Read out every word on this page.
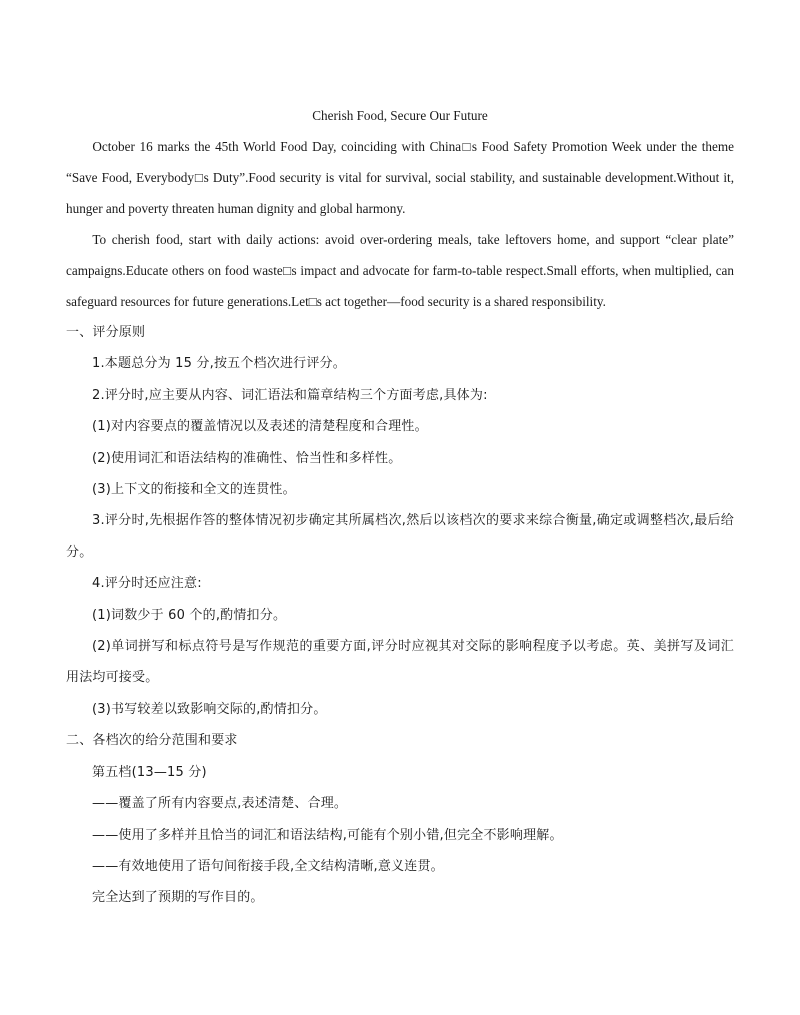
Cherish Food, Secure Our Future

October 16 marks the 45th World Food Day, coinciding with China□s Food Safety Promotion Week under the theme “Save Food, Everybody□s Duty”.Food security is vital for survival, social stability, and sustainable development.Without it, hunger and poverty threaten human dignity and global harmony.

To cherish food, start with daily actions: avoid over-ordering meals, take leftovers home, and support “clear plate” campaigns.Educate others on food waste□s impact and advocate for farm-to-table respect.Small efforts, when multiplied, can safeguard resources for future generations.Let□s act together—food security is a shared responsibility.

一、评分原则

1.本题总分为 15 分,按五个档次进行评分。

2.评分时,应主要从内容、词汇语法和篇章结构三个方面考虑,具体为:

(1)对内容要点的覆盖情况以及表述的清楚程度和合理性。

(2)使用词汇和语法结构的准确性、恰当性和多样性。

(3)上下文的衔接和全文的连贯性。

3.评分时,先根据作答的整体情况初步确定其所属档次,然后以该档次的要求来综合衡量,确定或调整档次,最后给分。

4.评分时还应注意:

(1)词数少于 60 个的,酌情扣分。

(2)单词拼写和标点符号是写作规范的重要方面,评分时应视其对交际的影响程度予以考虑。英、美拼写及词汇用法均可接受。

(3)书写较差以致影响交际的,酌情扣分。

二、各档次的给分范围和要求

第五档(13—15 分)

——覆盖了所有内容要点,表述清楚、合理。

——使用了多样并且恰当的词汇和语法结构,可能有个别小错,但完全不影响理解。

——有效地使用了语句间衔接手段,全文结构清晰,意义连贯。

完全达到了预期的写作目的。
